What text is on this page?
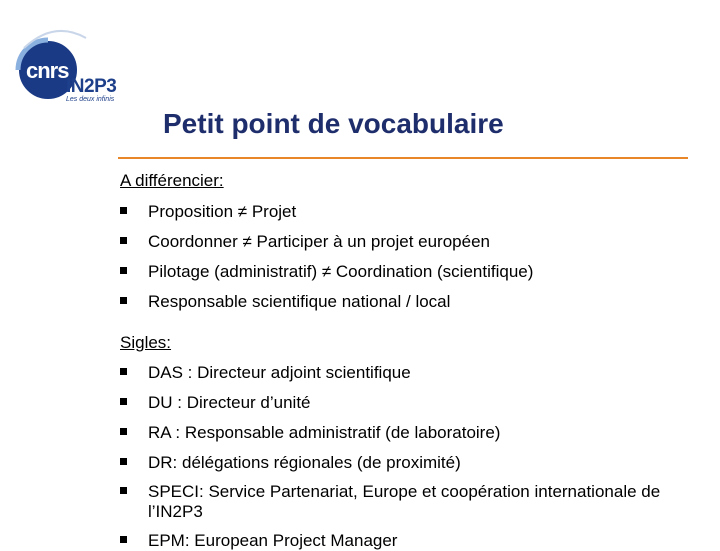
cnrs
IN2P3
Les deux infinis
Petit point de vocabulaire
A différencier:
Proposition ≠ Projet
Coordonner ≠ Participer à un projet européen
Pilotage (administratif) ≠ Coordination (scientifique)
Responsable scientifique national / local
Sigles:
DAS : Directeur adjoint scientifique
DU : Directeur d’unité
RA : Responsable administratif (de laboratoire)
DR: délégations régionales (de proximité)
SPECI: Service Partenariat, Europe et coopération internationale de l’IN2P3
EPM: European Project Manager
